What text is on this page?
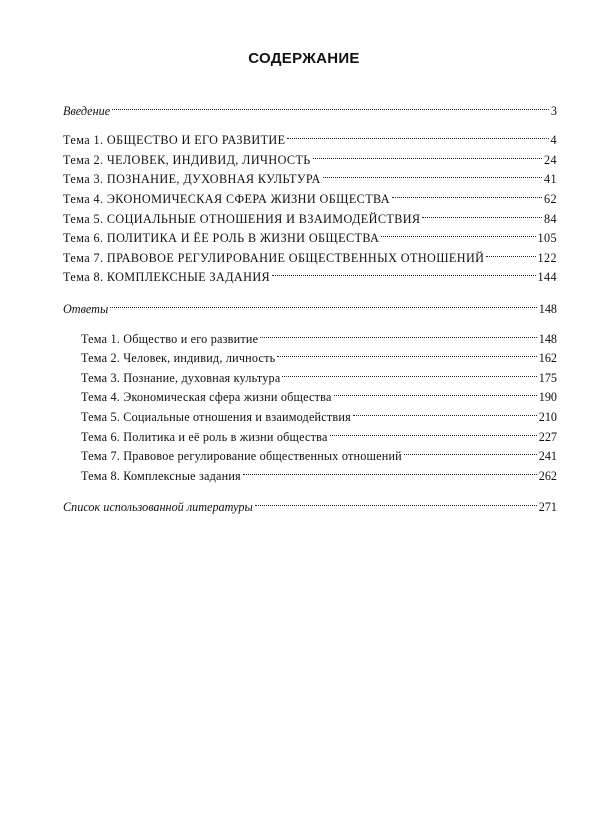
СОДЕРЖАНИЕ
Введение	3
Тема 1. ОБЩЕСТВО И ЕГО РАЗВИТИЕ	4
Тема 2. ЧЕЛОВЕК, ИНДИВИД, ЛИЧНОСТЬ	24
Тема 3. ПОЗНАНИЕ, ДУХОВНАЯ КУЛЬТУРА	41
Тема 4. ЭКОНОМИЧЕСКАЯ СФЕРА ЖИЗНИ ОБЩЕСТВА	62
Тема 5. СОЦИАЛЬНЫЕ ОТНОШЕНИЯ И ВЗАИМОДЕЙСТВИЯ	84
Тема 6. ПОЛИТИКА И ЁЕ РОЛЬ В ЖИЗНИ ОБЩЕСТВА	105
Тема 7. ПРАВОВОЕ РЕГУЛИРОВАНИЕ ОБЩЕСТВЕННЫХ ОТНОШЕНИЙ	122
Тема 8. КОМПЛЕКСНЫЕ ЗАДАНИЯ	144
Ответы	148
Тема 1. Общество и его развитие	148
Тема 2. Человек, индивид, личность	162
Тема 3. Познание, духовная культура	175
Тема 4. Экономическая сфера жизни общества	190
Тема 5. Социальные отношения и взаимодействия	210
Тема 6. Политика и её роль в жизни общества	227
Тема 7. Правовое регулирование общественных отношений	241
Тема 8. Комплексные задания	262
Список использованной литературы	271
